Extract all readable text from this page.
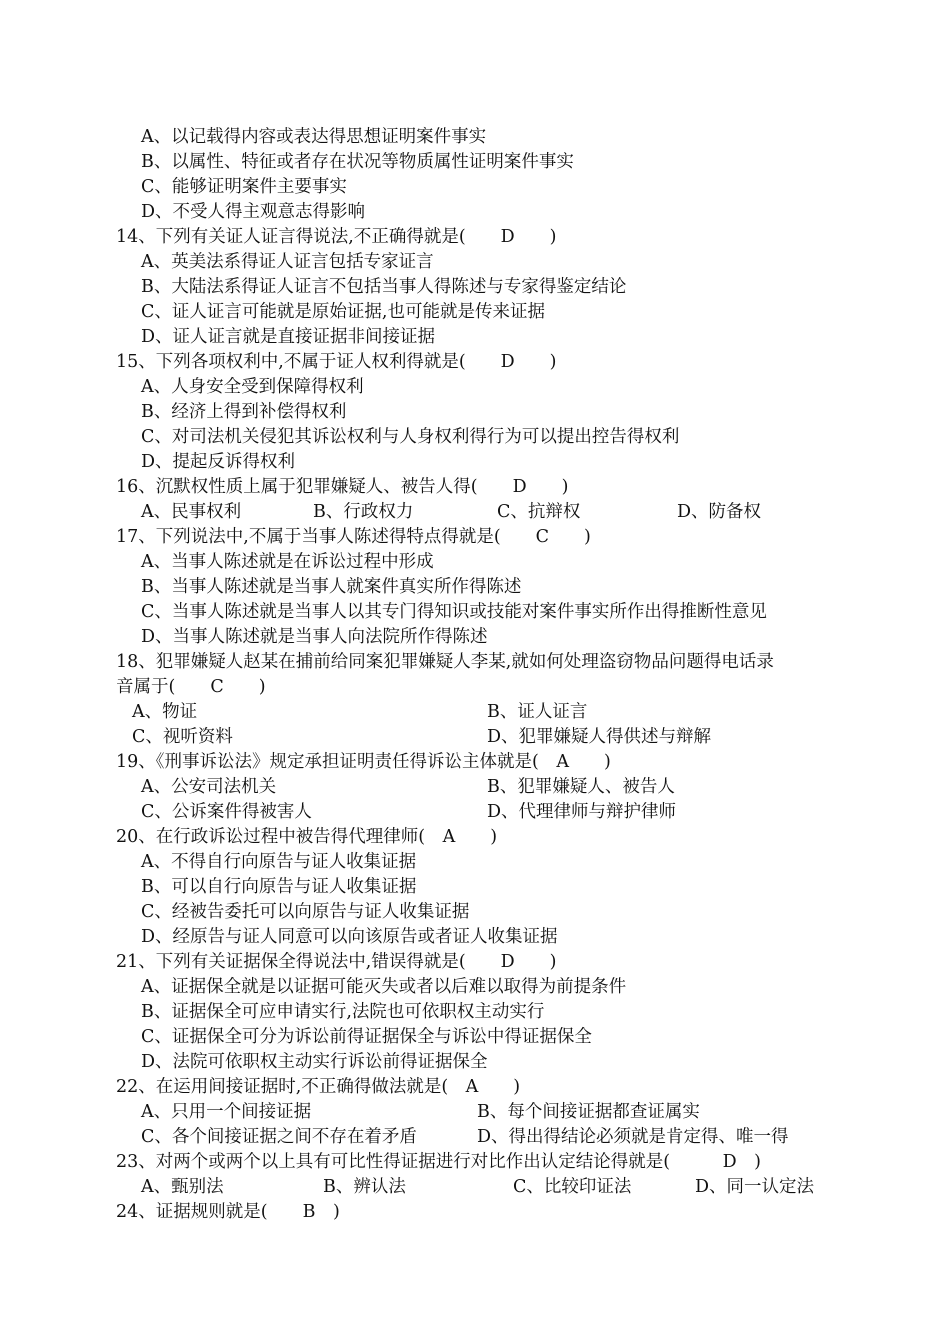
A、以记载得内容或表达得思想证明案件事实
B、以属性、特征或者存在状况等物质属性证明案件事实
C、能够证明案件主要事实
D、不受人得主观意志得影响
14、下列有关证人证言得说法,不正确得就是(　　D　　)
A、英美法系得证人证言包括专家证言
B、大陆法系得证人证言不包括当事人得陈述与专家得鉴定结论
C、证人证言可能就是原始证据,也可能就是传来证据
D、证人证言就是直接证据非间接证据
15、下列各项权利中,不属于证人权利得就是(　　D　　)
A、人身安全受到保障得权利
B、经济上得到补偿得权利
C、对司法机关侵犯其诉讼权利与人身权利得行为可以提出控告得权利
D、提起反诉得权利
16、沉默权性质上属于犯罪嫌疑人、被告人得(　　D　　)
A、民事权利	B、行政权力	C、抗辩权	D、防备权
17、下列说法中,不属于当事人陈述得特点得就是(　　C　　)
A、当事人陈述就是在诉讼过程中形成
B、当事人陈述就是当事人就案件真实所作得陈述
C、当事人陈述就是当事人以其专门得知识或技能对案件事实所作出得推断性意见
D、当事人陈述就是当事人向法院所作得陈述
18、犯罪嫌疑人赵某在捕前给同案犯罪嫌疑人李某,就如何处理盗窃物品问题得电话录
音属于(　　C　　)
A、物证	B、证人证言
C、视听资料	D、犯罪嫌疑人得供述与辩解
19、《刑事诉讼法》规定承担证明责任得诉讼主体就是(　A　　)
A、公安司法机关	B、犯罪嫌疑人、被告人
C、公诉案件得被害人	D、代理律师与辩护律师
20、在行政诉讼过程中被告得代理律师(　A　　)
A、不得自行向原告与证人收集证据
B、可以自行向原告与证人收集证据
C、经被告委托可以向原告与证人收集证据
D、经原告与证人同意可以向该原告或者证人收集证据
21、下列有关证据保全得说法中,错误得就是(　　D　　)
A、证据保全就是以证据可能灭失或者以后难以取得为前提条件
B、证据保全可应申请实行,法院也可依职权主动实行
C、证据保全可分为诉讼前得证据保全与诉讼中得证据保全
D、法院可依职权主动实行诉讼前得证据保全
22、在运用间接证据时,不正确得做法就是(　A　　)
A、只用一个间接证据	B、每个间接证据都查证属实
C、各个间接证据之间不存在着矛盾	D、得出得结论必须就是肯定得、唯一得
23、对两个或两个以上具有可比性得证据进行对比作出认定结论得就是(　　　D　)
A、甄别法	B、辨认法	C、比较印证法	D、同一认定法
24、证据规则就是(　　B　)
